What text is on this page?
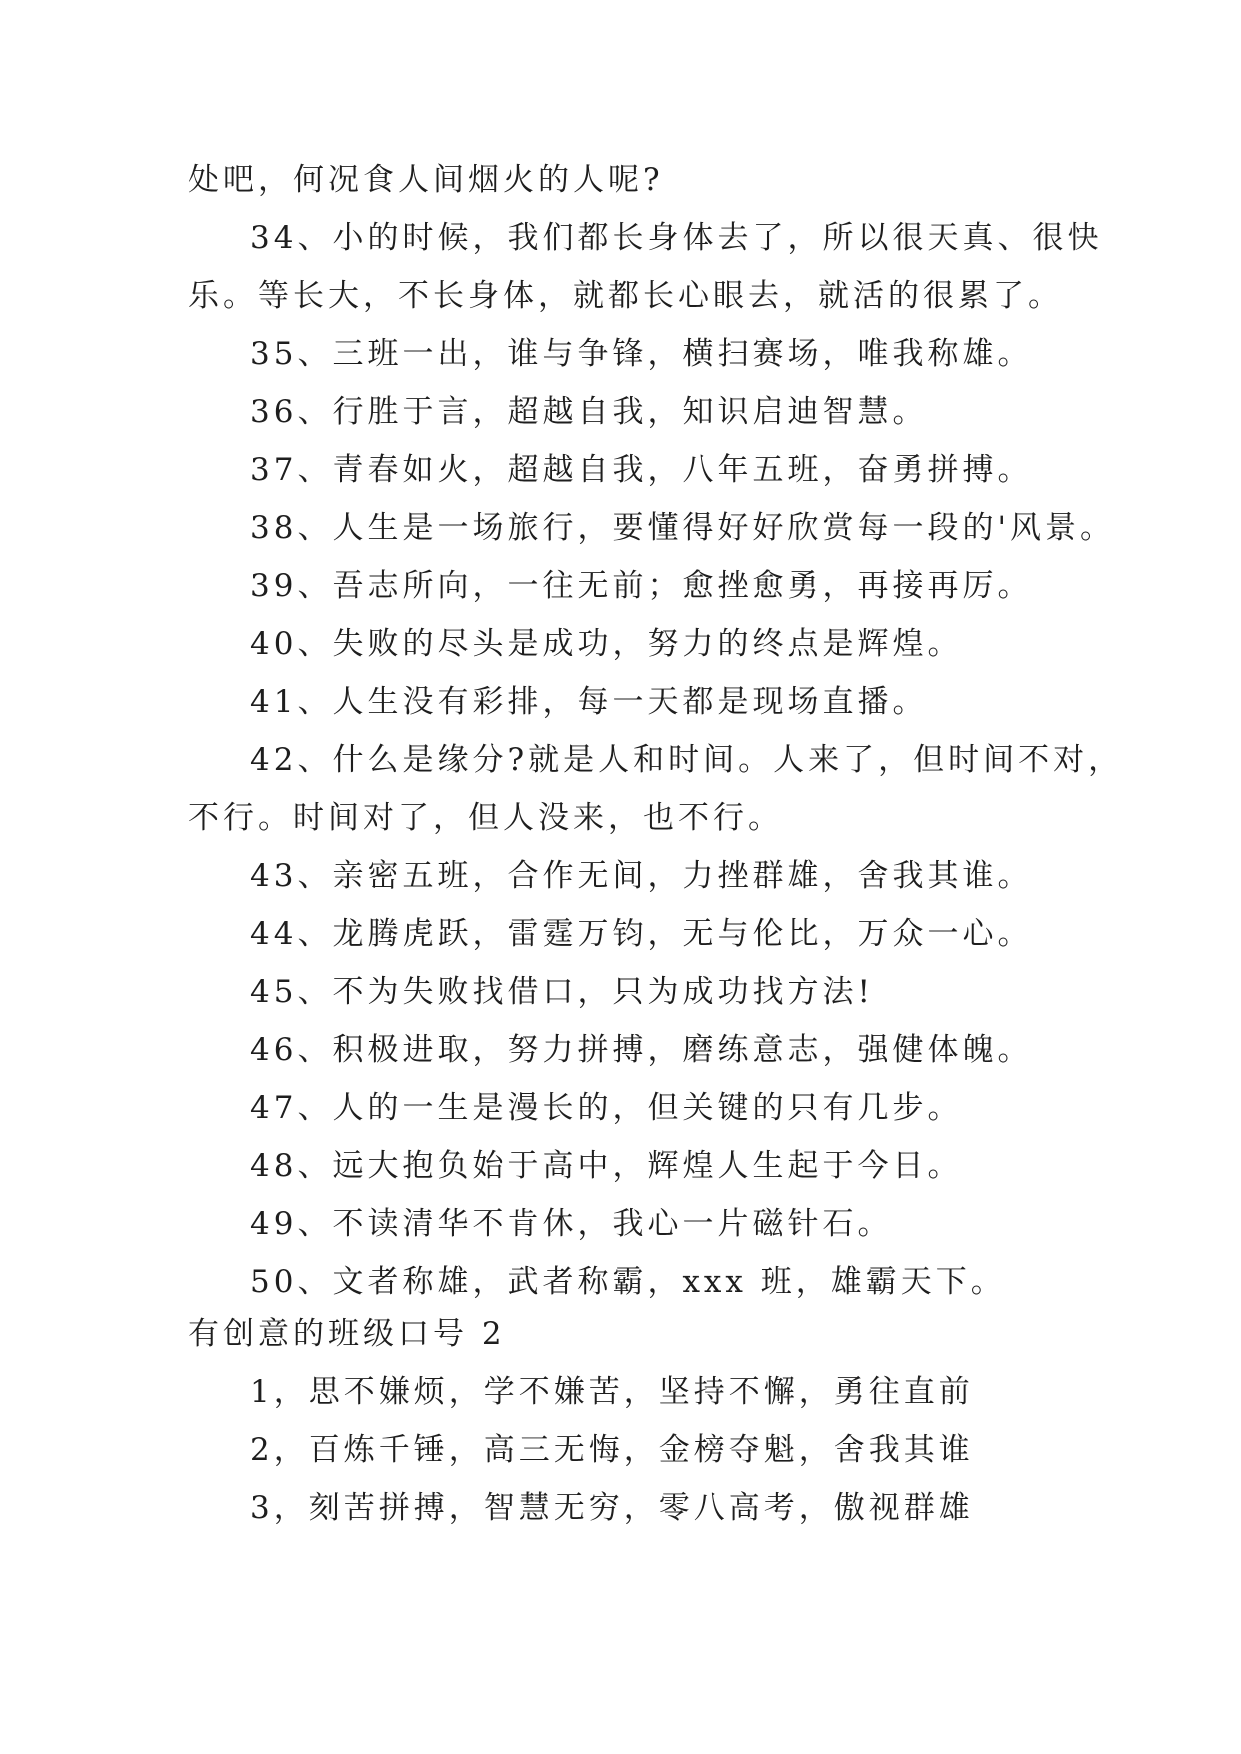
处吧，何况食人间烟火的人呢?
34、小的时候，我们都长身体去了，所以很天真、很快
乐。等长大，不长身体，就都长心眼去，就活的很累了。
35、三班一出，谁与争锋，横扫赛场，唯我称雄。
36、行胜于言，超越自我，知识启迪智慧。
37、青春如火，超越自我，八年五班，奋勇拼搏。
38、人生是一场旅行，要懂得好好欣赏每一段的'风景。
39、吾志所向，一往无前；愈挫愈勇，再接再厉。
40、失败的尽头是成功，努力的终点是辉煌。
41、人生没有彩排，每一天都是现场直播。
42、什么是缘分?就是人和时间。人来了，但时间不对，
不行。时间对了，但人没来，也不行。
43、亲密五班，合作无间，力挫群雄，舍我其谁。
44、龙腾虎跃，雷霆万钧，无与伦比，万众一心。
45、不为失败找借口，只为成功找方法!
46、积极进取，努力拼搏，磨练意志，强健体魄。
47、人的一生是漫长的，但关键的只有几步。
48、远大抱负始于高中，辉煌人生起于今日。
49、不读清华不肯休，我心一片磁针石。
50、文者称雄，武者称霸，xxx 班，雄霸天下。
有创意的班级口号 2
1，思不嫌烦，学不嫌苦，坚持不懈，勇往直前
2，百炼千锤，高三无悔，金榜夺魁，舍我其谁
3，刻苦拼搏，智慧无穷，零八高考，傲视群雄
